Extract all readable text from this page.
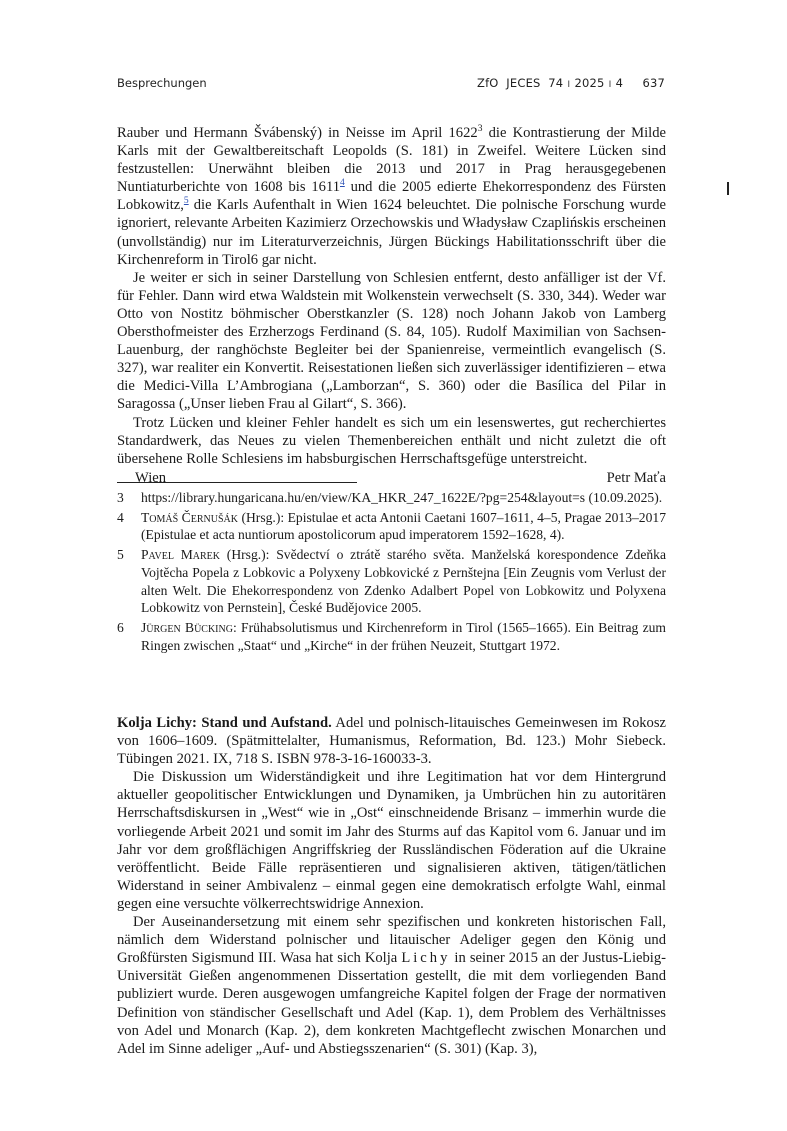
Besprechungen	ZfO JECES 74 ı 2025 ı 4 637

Rauber und Hermann Švábenský) in Neisse im April 1622$^3$ die Kontrastierung der Milde Karls mit der Gewaltbereitschaft Leopolds (S. 181) in Zweifel. Weitere Lücken sind festzustellen: Unerwähnt bleiben die 2013 und 2017 in Prag herausgegebenen Nuntiaturberichte von 1608 bis 1611$^4$ und die 2005 edierte Ehekorrespondenz des Fürsten Lobkowitz,$^5$ die Karls Aufenthalt in Wien 1624 beleuchtet. Die polnische Forschung wurde ignoriert, relevante Arbeiten Kazimierz Orzechowskis und Władysław Czaplińskis erscheinen (unvollständig) nur im Literaturverzeichnis, Jürgen Bückings Habilitationsschrift über die Kirchenreform in Tirol6 gar nicht.

Je weiter er sich in seiner Darstellung von Schlesien entfernt, desto anfälliger ist der Vf. für Fehler. Dann wird etwa Waldstein mit Wolkenstein verwechselt (S. 330, 344). Weder war Otto von Nostitz böhmischer Oberstkanzler (S. 128) noch Johann Jakob von Lamberg Obersthofmeister des Erzherzogs Ferdinand (S. 84, 105). Rudolf Maximilian von Sachsen-Lauenburg, der ranghöchste Begleiter bei der Spanienreise, vermeintlich evangelisch (S. 327), war realiter ein Konvertit. Reisestationen ließen sich zuverlässiger identifizieren – etwa die Medici-Villa L’Ambrogiana („Lamborzan“, S. 360) oder die Basílica del Pilar in Saragossa („Unser lieben Frau al Gilart“, S. 366).

Trotz Lücken und kleiner Fehler handelt es sich um ein lesenswertes, gut recherchiertes Standardwerk, das Neues zu vielen Themenbereichen enthält und nicht zuletzt die oft übersehene Rolle Schlesiens im habsburgischen Herrschaftsgefüge unterstreicht.

Wien	Petr Maťa
3	https://library.hungaricana.hu/en/view/KA_HKR_247_1622E/?pg=254&layout=s (10.09.2025).
4	Tomáš Černušák (Hrsg.): Epistulae et acta Antonii Caetani 1607–1611, 4–5, Pragae 2013–2017 (Epistulae et acta nuntiorum apostolicorum apud imperatorem 1592–1628, 4).
5	Pavel Marek (Hrsg.): Svědectví o ztrátě starého světa. Manželská korespondence Zdeňka Vojtěcha Popela z Lobkovic a Polyxeny Lobkovické z Pernštejna [Ein Zeugnis vom Verlust der alten Welt. Die Ehekorrespondenz von Zdenko Adalbert Popel von Lobkowitz und Polyxena Lobkowitz von Pernstein], České Budějovice 2005.
6	Jürgen Bücking: Frühabsolutismus und Kirchenreform in Tirol (1565–1665). Ein Beitrag zum Ringen zwischen „Staat“ und „Kirche“ in der frühen Neuzeit, Stuttgart 1972.

Kolja Lichy: Stand und Aufstand. Adel und polnisch-litauisches Gemeinwesen im Rokosz von 1606–1609. (Spätmittelalter, Humanismus, Reformation, Bd. 123.) Mohr Siebeck. Tübingen 2021. IX, 718 S. ISBN 978-3-16-160033-3.

Die Diskussion um Widerständigkeit und ihre Legitimation hat vor dem Hintergrund aktueller geopolitischer Entwicklungen und Dynamiken, ja Umbrüchen hin zu autoritären Herrschaftsdiskursen in „West“ wie in „Ost“ einschneidende Brisanz – immerhin wurde die vorliegende Arbeit 2021 und somit im Jahr des Sturms auf das Kapitol vom 6. Januar und im Jahr vor dem großflächigen Angriffskrieg der Russländischen Föderation auf die Ukraine veröffentlicht. Beide Fälle repräsentieren und signalisieren aktiven, tätigen/tätlichen Widerstand in seiner Ambivalenz – einmal gegen eine demokratisch erfolgte Wahl, einmal gegen eine versuchte völkerrechtswidrige Annexion.

Der Auseinandersetzung mit einem sehr spezifischen und konkreten historischen Fall, nämlich dem Widerstand polnischer und litauischer Adeliger gegen den König und Großfürsten Sigismund III. Wasa hat sich Kolja Lichy in seiner 2015 an der Justus-Liebig-Universität Gießen angenommenen Dissertation gestellt, die mit dem vorliegenden Band publiziert wurde. Deren ausgewogen umfangreiche Kapitel folgen der Frage der normativen Definition von ständischer Gesellschaft und Adel (Kap. 1), dem Problem des Verhältnisses von Adel und Monarch (Kap. 2), dem konkreten Machtgeflecht zwischen Monarchen und Adel im Sinne adeliger „Auf- und Abstiegsszenarien“ (S. 301) (Kap. 3),
